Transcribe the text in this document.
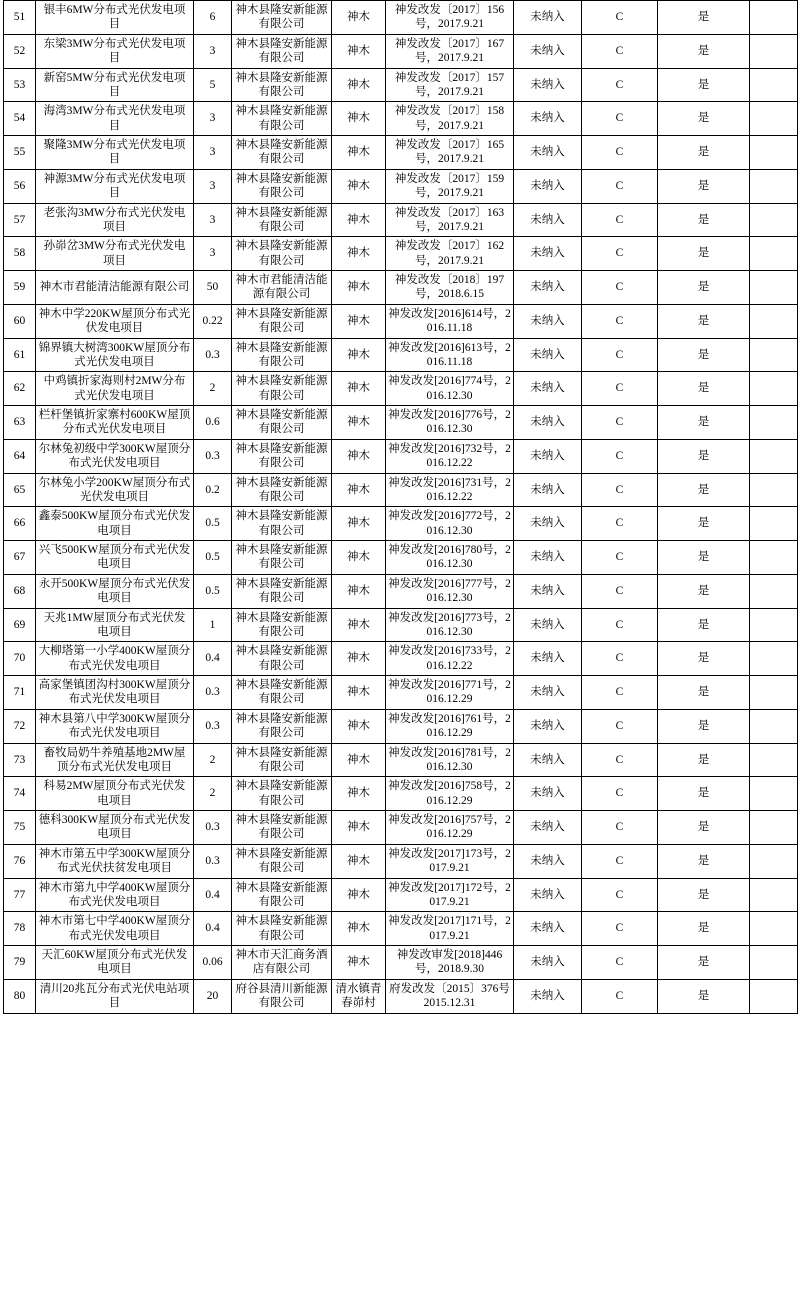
51	银丰6MW分布式光伏发电项目	6	神木县隆安新能源有限公司	神木	神发改发〔2017〕156号，2017.9.21	未纳入	C	是	
52	东梁3MW分布式光伏发电项目	3	神木县隆安新能源有限公司	神木	神发改发〔2017〕167号，2017.9.21	未纳入	C	是	
53	新窑5MW分布式光伏发电项目	5	神木县隆安新能源有限公司	神木	神发改发〔2017〕157号，2017.9.21	未纳入	C	是	
54	海湾3MW分布式光伏发电项目	3	神木县隆安新能源有限公司	神木	神发改发〔2017〕158号，2017.9.21	未纳入	C	是	
55	聚隆3MW分布式光伏发电项目	3	神木县隆安新能源有限公司	神木	神发改发〔2017〕165号，2017.9.21	未纳入	C	是	
56	神源3MW分布式光伏发电项目	3	神木县隆安新能源有限公司	神木	神发改发〔2017〕159号，2017.9.21	未纳入	C	是	
57	老张沟3MW分布式光伏发电项目	3	神木县隆安新能源有限公司	神木	神发改发〔2017〕163号，2017.9.21	未纳入	C	是	
58	孙峁岔3MW分布式光伏发电项目	3	神木县隆安新能源有限公司	神木	神发改发〔2017〕162号，2017.9.21	未纳入	C	是	
59	神木市君能清洁能源有限公司	50	神木市君能清洁能源有限公司	神木	神发改发〔2018〕197号，2018.6.15	未纳入	C	是	
60	神木中学220KW屋顶分布式光伏发电项目	0.22	神木县隆安新能源有限公司	神木	神发改发[2016]614号，2016.11.18	未纳入	C	是	
61	锦界镇大树湾300KW屋顶分布式光伏发电项目	0.3	神木县隆安新能源有限公司	神木	神发改发[2016]613号，2016.11.18	未纳入	C	是	
62	中鸡镇折家海则村2MW分布式光伏发电项目	2	神木县隆安新能源有限公司	神木	神发改发[2016]774号，2016.12.30	未纳入	C	是	
63	栏杆堡镇折家寨村600KW屋顶分布式光伏发电项目	0.6	神木县隆安新能源有限公司	神木	神发改发[2016]776号，2016.12.30	未纳入	C	是	
64	尔林兔初级中学300KW屋顶分布式光伏发电项目	0.3	神木县隆安新能源有限公司	神木	神发改发[2016]732号，2016.12.22	未纳入	C	是	
65	尔林兔小学200KW屋顶分布式光伏发电项目	0.2	神木县隆安新能源有限公司	神木	神发改发[2016]731号，2016.12.22	未纳入	C	是	
66	鑫泰500KW屋顶分布式光伏发电项目	0.5	神木县隆安新能源有限公司	神木	神发改发[2016]772号，2016.12.30	未纳入	C	是	
67	兴飞500KW屋顶分布式光伏发电项目	0.5	神木县隆安新能源有限公司	神木	神发改发[2016]780号，2016.12.30	未纳入	C	是	
68	永开500KW屋顶分布式光伏发电项目	0.5	神木县隆安新能源有限公司	神木	神发改发[2016]777号，2016.12.30	未纳入	C	是	
69	天兆1MW屋顶分布式光伏发电项目	1	神木县隆安新能源有限公司	神木	神发改发[2016]773号，2016.12.30	未纳入	C	是	
70	大柳塔第一小学400KW屋顶分布式光伏发电项目	0.4	神木县隆安新能源有限公司	神木	神发改发[2016]733号，2016.12.22	未纳入	C	是	
71	高家堡镇团沟村300KW屋顶分布式光伏发电项目	0.3	神木县隆安新能源有限公司	神木	神发改发[2016]771号，2016.12.29	未纳入	C	是	
72	神木县第八中学300KW屋顶分布式光伏发电项目	0.3	神木县隆安新能源有限公司	神木	神发改发[2016]761号，2016.12.29	未纳入	C	是	
73	畜牧局奶牛养殖基地2MW屋顶分布式光伏发电项目	2	神木县隆安新能源有限公司	神木	神发改发[2016]781号，2016.12.30	未纳入	C	是	
74	科易2MW屋顶分布式光伏发电项目	2	神木县隆安新能源有限公司	神木	神发改发[2016]758号，2016.12.29	未纳入	C	是	
75	德科300KW屋顶分布式光伏发电项目	0.3	神木县隆安新能源有限公司	神木	神发改发[2016]757号，2016.12.29	未纳入	C	是	
76	神木市第五中学300KW屋顶分布式光伏扶贫发电项目	0.3	神木县隆安新能源有限公司	神木	神发改发[2017]173号，2017.9.21	未纳入	C	是	
77	神木市第九中学400KW屋顶分布式光伏发电项目	0.4	神木县隆安新能源有限公司	神木	神发改发[2017]172号，2017.9.21	未纳入	C	是	
78	神木市第七中学400KW屋顶分布式光伏发电项目	0.4	神木县隆安新能源有限公司	神木	神发改发[2017]171号，2017.9.21	未纳入	C	是	
79	天汇60KW屋顶分布式光伏发电项目	0.06	神木市天汇商务酒店有限公司	神木	神发改审发[2018]446号，2018.9.30	未纳入	C	是	
80	清川20兆瓦分布式光伏电站项目	20	府谷县清川新能源有限公司	清水镇青春峁村	府发改发〔2015〕376号2015.12.31	未纳入	C	是	
